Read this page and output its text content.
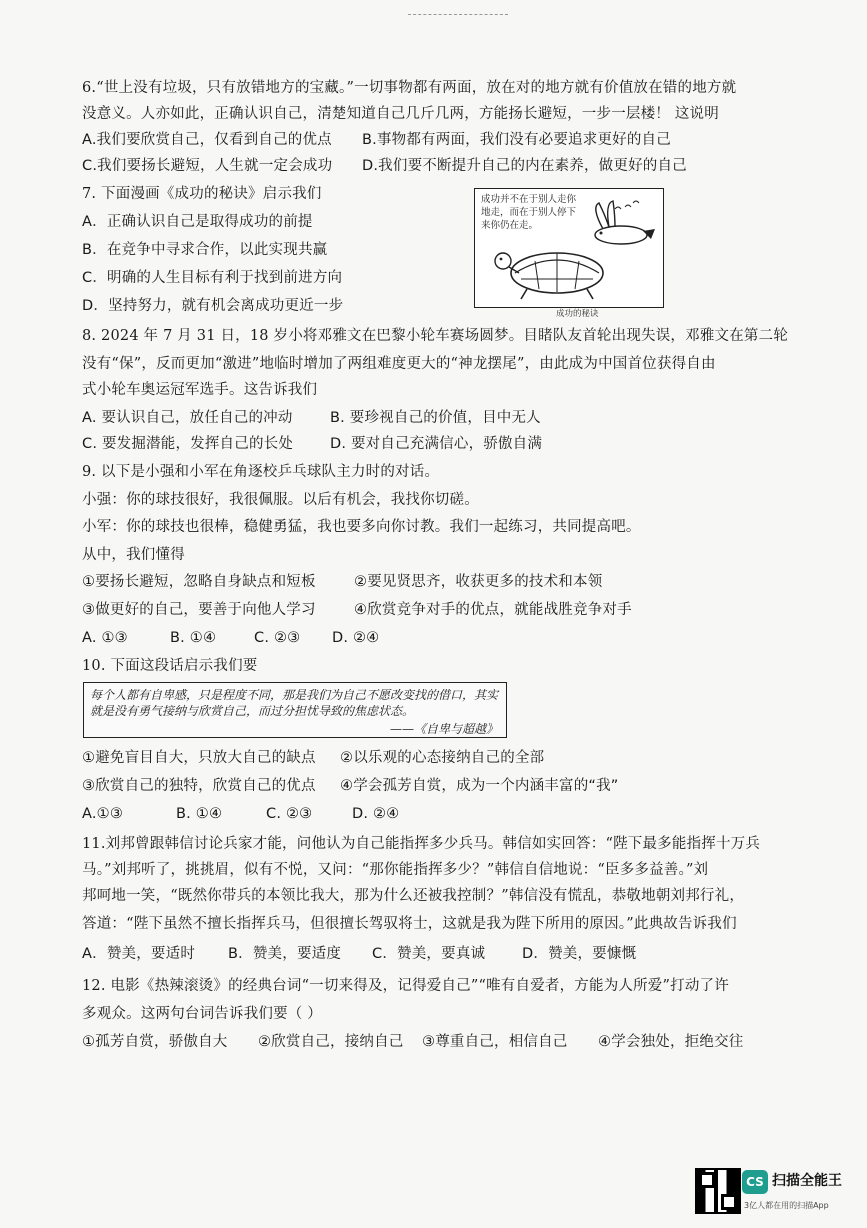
6.“世上没有垃圾，只有放错地方的宝藏。”一切事物都有两面，放在对的地方就有价值放在错的地方就
没意义。人亦如此，正确认识自己，清楚知道自己几斤几两，方能扬长避短，一步一层楼！ 这说明
A.我们要欣赏自己，仅看到自己的优点 B.事物都有两面，我们没有必要追求更好的自己
C.我们要扬长避短，人生就一定会成功 D.我们要不断提升自己的内在素养，做更好的自己
7. 下面漫画《成功的秘诀》启示我们
A．正确认识自己是取得成功的前提
B．在竞争中寻求合作，以此实现共赢
C．明确的人生目标有利于找到前进方向
D．坚持努力，就有机会离成功更近一步
成功并不在于别人走你地走，而在于别人停下来你仍在走。
成功的秘诀
8. 2024 年 7 月 31 日，18 岁小将邓雅文在巴黎小轮车赛场圆梦。目睹队友首轮出现失误，邓雅文在第二轮
没有“保”，反而更加“激进”地临时增加了两组难度更大的“神龙摆尾”，由此成为中国首位获得自由
式小轮车奥运冠军选手。这告诉我们
A. 要认识自己，放任自己的冲动	B. 要珍视自己的价值，目中无人
C. 要发掘潜能，发挥自己的长处	D. 要对自己充满信心，骄傲自满
9. 以下是小强和小军在角逐校乒乓球队主力时的对话。
小强：你的球技很好，我很佩服。以后有机会，我找你切磋。
小军：你的球技也很棒，稳健勇猛，我也要多向你讨教。我们一起练习，共同提高吧。
从中，我们懂得
①要扬长避短，忽略自身缺点和短板	②要见贤思齐，收获更多的技术和本领
③做更好的自己，要善于向他人学习	④欣赏竞争对手的优点，就能战胜竞争对手
A. ①③	B. ①④	C. ②③ D. ②④
10. 下面这段话启示我们要
每个人都有自卑感，只是程度不同，那是我们为自己不愿改变找的借口，其实就是没有勇气接纳与欣赏自己，而过分担忧导致的焦虑状态。
——《自卑与超越》
①避免盲目自大，只放大自己的缺点 ②以乐观的心态接纳自己的全部
③欣赏自己的独特，欣赏自己的优点 ④学会孤芳自赏，成为一个内涵丰富的“我”
A.①③	B. ①④	C. ②③	D. ②④
11.刘邦曾跟韩信讨论兵家才能，问他认为自己能指挥多少兵马。韩信如实回答：“陛下最多能指挥十万兵
马。”刘邦听了，挑挑眉，似有不悦，又问：“那你能指挥多少？”韩信自信地说：“臣多多益善。”刘
邦呵地一笑，“既然你带兵的本领比我大，那为什么还被我控制？”韩信没有慌乱，恭敬地朝刘邦行礼，
答道：“陛下虽然不擅长指挥兵马，但很擅长驾驭将士，这就是我为陛下所用的原因。”此典故告诉我们
A．赞美，要适时 B．赞美，要适度 C．赞美，要真诚	D．赞美，要慷慨
12. 电影《热辣滚烫》的经典台词“一切来得及，记得爱自己”“唯有自爱者，方能为人所爱”打动了许
多观众。这两句台词告诉我们要（ ）
①孤芳自赏，骄傲自大 ②欣赏自己，接纳自己 ③尊重自己，相信自己 ④学会独处，拒绝交往
CS 扫描全能王
3亿人都在用的扫描App
